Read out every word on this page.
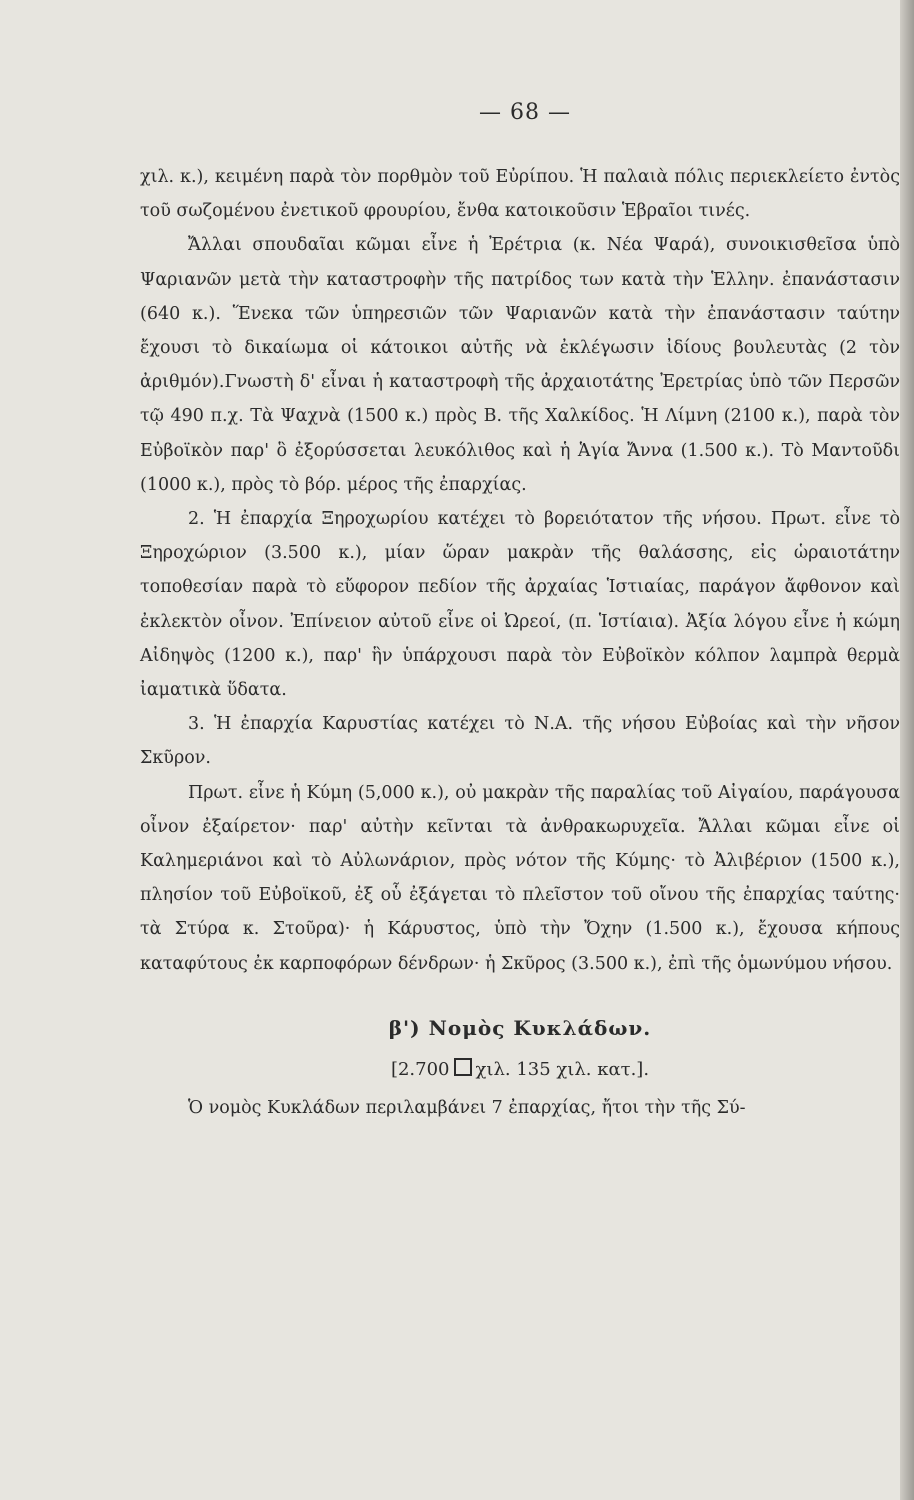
— 68 —

χιλ. κ.), κειμένη παρὰ τὸν πορθμὸν τοῦ Εὐρίπου. Ἡ παλαιὰ πόλις περιεκλείετο ἐντὸς τοῦ σωζομένου ἐνετικοῦ φρουρίου, ἔνθα κατοικοῦσιν Ἑβραῖοι τινές.

Ἄλλαι σπουδαῖαι κῶμαι εἶνε ἡ Ἐρέτρια (κ. Νέα Ψαρά), συνοικισθεῖσα ὑπὸ Ψαριανῶν μετὰ τὴν καταστροφὴν τῆς πατρίδος των κατὰ τὴν Ἑλλην. ἐπανάστασιν (640 κ.). Ἕνεκα τῶν ὑπηρεσιῶν τῶν Ψαριανῶν κατὰ τὴν ἐπανάστασιν ταύτην ἔχουσι τὸ δικαίωμα οἱ κάτοικοι αὐτῆς νὰ ἐκλέγωσιν ἰδίους βουλευτὰς (2 τὸν ἀριθμόν).Γνωστὴ δ' εἶναι ἡ καταστροφὴ τῆς ἀρχαιοτάτης Ἐρετρίας ὑπὸ τῶν Περσῶν τῷ 490 π.χ. Τὰ Ψαχνὰ (1500 κ.) πρὸς Β. τῆς Χαλκίδος. Ἡ Λίμνη (2100 κ.), παρὰ τὸν Εὐβοϊκὸν παρ' ὃ ἐξορύσσεται λευκόλιθος καὶ ἡ Ἁγία Ἄννα (1.500 κ.). Τὸ Μαντοῦδι (1000 κ.), πρὸς τὸ βόρ. μέρος τῆς ἐπαρχίας.

2. Ἡ ἐπαρχία Ξηροχωρίου κατέχει τὸ βορειότατον τῆς νήσου. Πρωτ. εἶνε τὸ Ξηροχώριον (3.500 κ.), μίαν ὥραν μακρὰν τῆς θαλάσσης, εἰς ὡραιοτάτην τοποθεσίαν παρὰ τὸ εὔφορον πεδίον τῆς ἀρχαίας Ἱστιαίας, παράγον ἄφθονον καὶ ἐκλεκτὸν οἶνον. Ἐπίνειον αὐτοῦ εἶνε οἱ Ὠρεοί, (π. Ἱστίαια). Ἀξία λόγου εἶνε ἡ κώμη Αἰδηψὸς (1200 κ.), παρ' ἣν ὑπάρχουσι παρὰ τὸν Εὐβοϊκὸν κόλπον λαμπρὰ θερμὰ ἰαματικὰ ὕδατα.

3. Ἡ ἐπαρχία Καρυστίας κατέχει τὸ Ν.Α. τῆς νήσου Εὐβοίας καὶ τὴν νῆσον Σκῦρον.

Πρωτ. εἶνε ἡ Κύμη (5,000 κ.), οὐ μακρὰν τῆς παραλίας τοῦ Αἰγαίου, παράγουσα οἶνον ἐξαίρετον· παρ' αὐτὴν κεῖνται τὰ ἀνθρακωρυχεῖα. Ἄλλαι κῶμαι εἶνε οἱ Καλημεριάνοι καὶ τὸ Αὐλωνάριον, πρὸς νότον τῆς Κύμης· τὸ Ἀλιβέριον (1500 κ.), πλησίον τοῦ Εὐβοϊκοῦ, ἐξ οὗ ἐξάγεται τὸ πλεῖστον τοῦ οἴνου τῆς ἐπαρχίας ταύτης· τὰ Στύρα κ. Στοῦρα)· ἡ Κάρυστος, ὑπὸ τὴν Ὄχην (1.500 κ.), ἔχουσα κήπους καταφύτους ἐκ καρποφόρων δένδρων· ἡ Σκῦρος (3.500 κ.), ἐπὶ τῆς ὁμωνύμου νήσου.

β') Νομὸς Κυκλάδων.
[2.700 χιλ. 135 χιλ. κατ.].

Ὁ νομὸς Κυκλάδων περιλαμβάνει 7 ἐπαρχίας, ἤτοι τὴν τῆς Σύ-
